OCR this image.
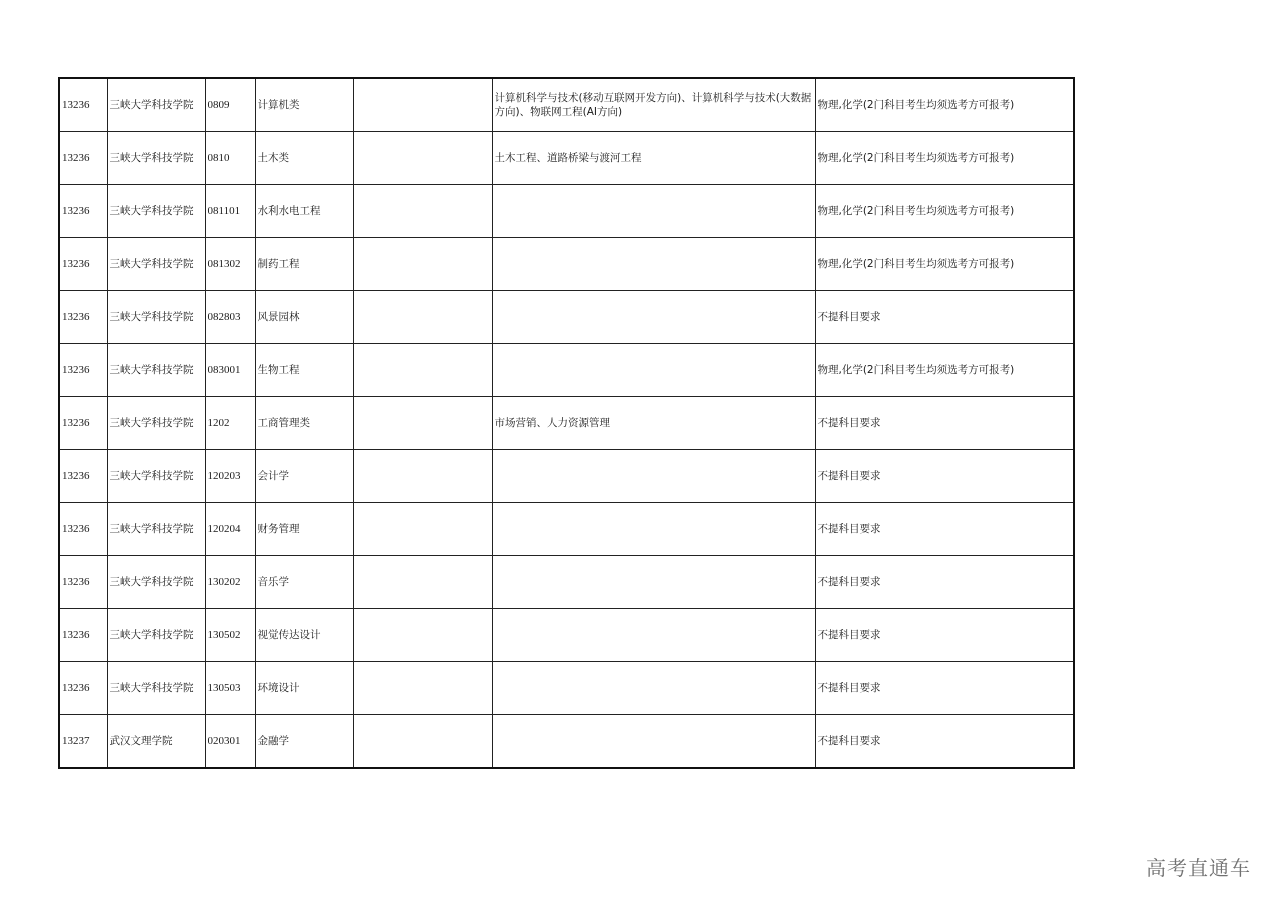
13236	三峡大学科技学院	0809	计算机类		计算机科学与技术(移动互联网开发方向)、计算机科学与技术(大数据方向)、物联网工程(AI方向)	物理,化学(2门科目考生均须选考方可报考)
13236	三峡大学科技学院	0810	土木类		土木工程、道路桥梁与渡河工程	物理,化学(2门科目考生均须选考方可报考)
13236	三峡大学科技学院	081101	水利水电工程			物理,化学(2门科目考生均须选考方可报考)
13236	三峡大学科技学院	081302	制药工程			物理,化学(2门科目考生均须选考方可报考)
13236	三峡大学科技学院	082803	风景园林			不提科目要求
13236	三峡大学科技学院	083001	生物工程			物理,化学(2门科目考生均须选考方可报考)
13236	三峡大学科技学院	1202	工商管理类		市场营销、人力资源管理	不提科目要求
13236	三峡大学科技学院	120203	会计学			不提科目要求
13236	三峡大学科技学院	120204	财务管理			不提科目要求
13236	三峡大学科技学院	130202	音乐学			不提科目要求
13236	三峡大学科技学院	130502	视觉传达设计			不提科目要求
13236	三峡大学科技学院	130503	环境设计			不提科目要求
13237	武汉文理学院	020301	金融学			不提科目要求
高考直通车
